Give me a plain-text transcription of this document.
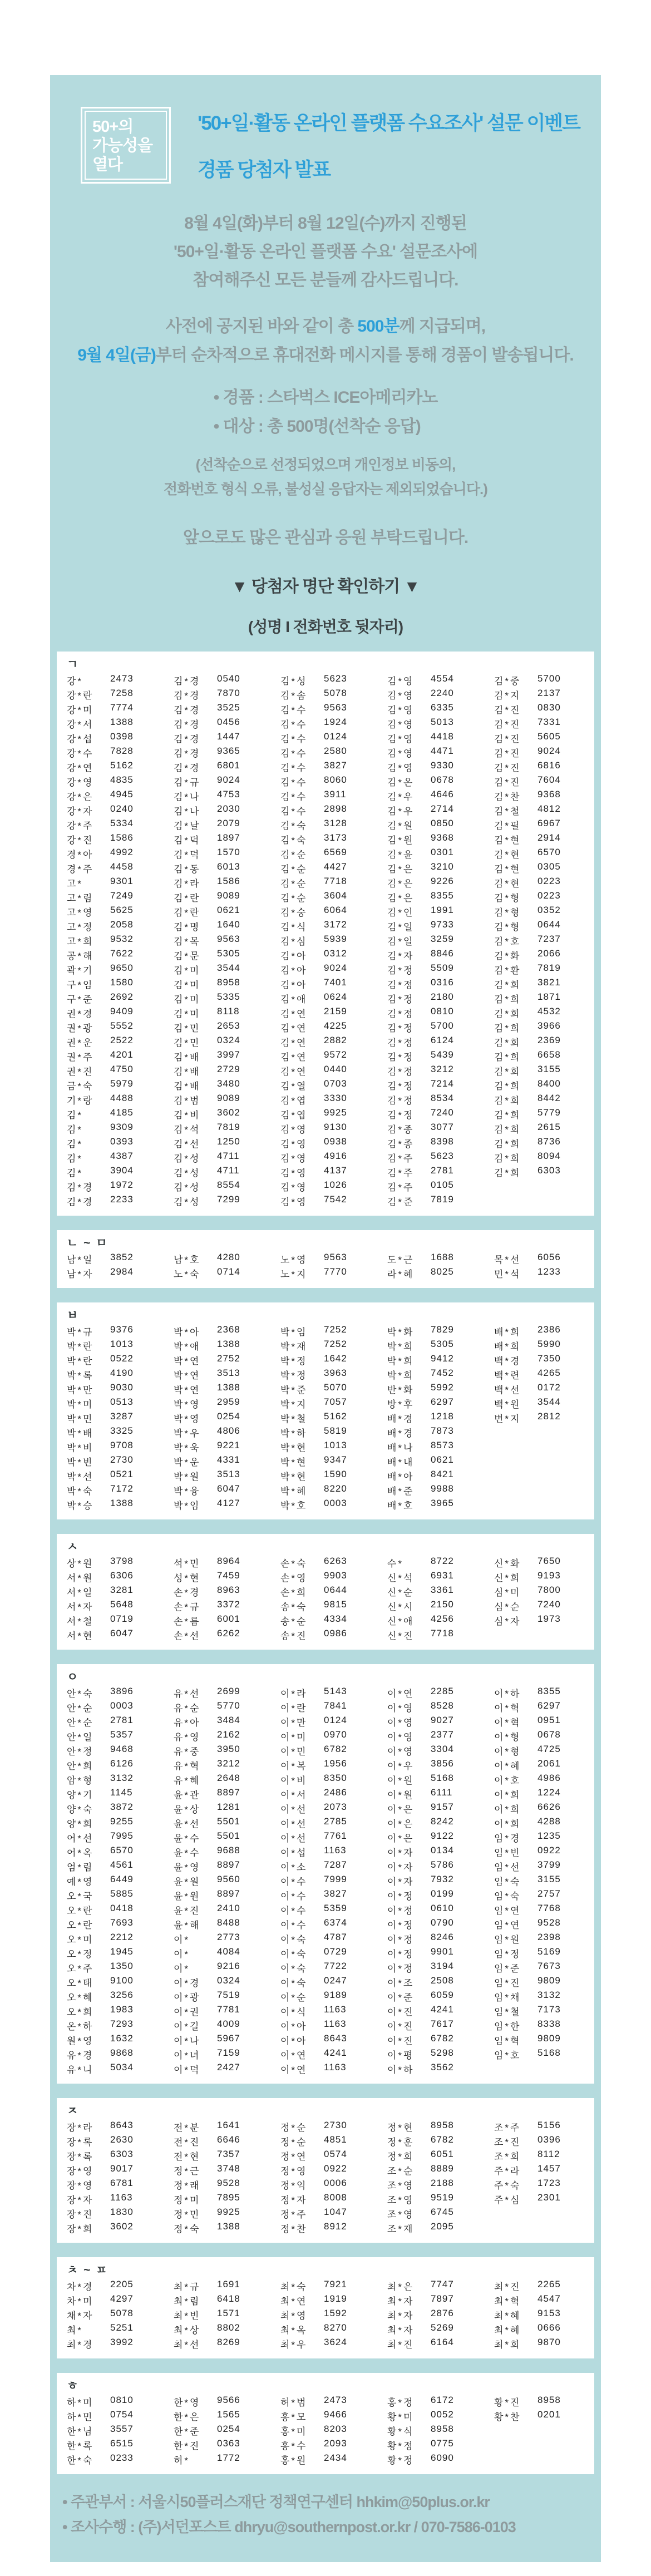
50+의
가능성을
열다
'50+일·활동 온라인 플랫폼 수요조사' 설문 이벤트
경품 당첨자 발표
8월 4일(화)부터 8월 12일(수)까지 진행된
'50+일·활동 온라인 플랫폼 수요' 설문조사에
참여해주신 모든 분들께 감사드립니다.
사전에 공지된 바와 같이 총 500분께 지급되며,
9월 4일(금)부터 순차적으로 휴대전화 메시지를 통해 경품이 발송됩니다.
• 경품 : 스타벅스 ICE아메리카노
• 대상 : 총 500명(선착순 응답)
(선착순으로 선정되었으며 개인정보 비동의,
전화번호 형식 오류, 불성실 응답자는 제외되었습니다.)
앞으로도 많은 관심과 응원 부탁드립니다.
▼ 당첨자 명단 확인하기 ▼
(성명 I 전화번호 뒷자리)
ㄱ
강*	2473	김*경	0540	김*성	5623	김*영	4554	김*중	5700
강*란	7258	김*경	7870	김*솜	5078	김*영	2240	김*지	2137
강*미	7774	김*경	3525	김*수	9563	김*영	6335	김*진	0830
강*서	1388	김*경	0456	김*수	1924	김*영	5013	김*진	7331
강*섭	0398	김*경	1447	김*수	0124	김*영	4418	김*진	5605
강*수	7828	김*경	9365	김*수	2580	김*영	4471	김*진	9024
강*연	5162	김*경	6801	김*수	3827	김*영	9330	김*진	6816
강*영	4835	김*규	9024	김*수	8060	김*온	0678	김*진	7604
강*은	4945	김*나	4753	김*수	3911	김*우	4646	김*찬	9368
강*자	0240	김*나	2030	김*수	2898	김*우	2714	김*철	4812
강*주	5334	김*날	2079	김*숙	3128	김*원	0850	김*필	6967
강*진	1586	김*덕	1897	김*숙	3173	김*원	9368	김*현	2914
경*아	4992	김*덕	1570	김*순	6569	김*윤	0301	김*현	6570
경*주	4458	김*동	6013	김*순	4427	김*은	3210	김*현	0305
고*	9301	김*라	1586	김*순	7718	김*은	9226	김*현	0223
고*림	7249	김*란	9089	김*순	3604	김*은	8355	김*형	0223
고*영	5625	김*란	0621	김*숭	6064	김*인	1991	김*형	0352
고*정	2058	김*명	1640	김*식	3172	김*일	9733	김*형	0644
고*희	9532	김*목	9563	김*심	5939	김*일	3259	김*호	7237
공*해	7622	김*문	5305	김*아	0312	김*자	8846	김*화	2066
곽*기	9650	김*미	3544	김*아	9024	김*정	5509	김*환	7819
구*임	1580	김*미	8958	김*아	7401	김*정	0316	김*희	3821
구*준	2692	김*미	5335	김*애	0624	김*정	2180	김*희	1871
권*경	9409	김*미	8118	김*연	2159	김*정	0810	김*희	4532
권*광	5552	김*민	2653	김*연	4225	김*정	5700	김*희	3966
권*운	2522	김*민	0324	김*연	2882	김*정	6124	김*희	2369
권*주	4201	김*배	3997	김*연	9572	김*정	5439	김*희	6658
권*진	4750	김*배	2729	김*연	0440	김*정	3212	김*희	3155
금*숙	5979	김*배	3480	김*열	0703	김*정	7214	김*희	8400
기*랑	4488	김*범	9089	김*엽	3330	김*정	8534	김*희	8442
김*	4185	김*비	3602	김*엽	9925	김*정	7240	김*희	5779
김*	9309	김*석	7819	김*영	9130	김*종	3077	김*희	2615
김*	0393	김*선	1250	김*영	0938	김*종	8398	김*희	8736
김*	4387	김*성	4711	김*영	4916	김*주	5623	김*희	8094
김*	3904	김*성	4711	김*영	4137	김*주	2781	김*희	6303
김*경	1972	김*성	8554	김*영	1026	김*주	0105
김*경	2233	김*성	7299	김*영	7542	김*준	7819
ㄴ ~ ㅁ
남*일	3852	남*호	4280	노*영	9563	도*근	1688	목*선	6056
남*자	2984	노*숙	0714	노*지	7770	라*혜	8025	민*석	1233
ㅂ
박*규	9376	박*아	2368	박*임	7252	박*화	7829	배*희	2386
박*란	1013	박*애	1388	박*재	7252	박*희	5305	배*희	5990
박*란	0522	박*연	2752	박*정	1642	박*희	9412	백*경	7350
박*록	4190	박*연	3513	박*정	3963	박*희	7452	백*련	4265
박*만	9030	박*연	1388	박*준	5070	반*화	5992	백*선	0172
박*미	0513	박*영	2959	박*지	7057	방*후	6297	백*원	3544
박*민	3287	박*영	0254	박*철	5162	배*경	1218	변*지	2812
박*배	3325	박*우	4806	박*하	5819	배*경	7873
박*비	9708	박*욱	9221	박*현	1013	배*나	8573
박*빈	2730	박*운	4331	박*현	9347	배*내	0621
박*선	0521	박*원	3513	박*현	1590	배*아	8421
박*숙	7172	박*융	6047	박*혜	8220	배*준	9988
박*승	1388	박*임	4127	박*호	0003	배*호	3965
ㅅ
상*원	3798	석*민	8964	손*숙	6263	수*	8722	신*화	7650
서*원	6306	성*현	7459	손*영	9903	신*석	6931	신*희	9193
서*일	3281	손*경	8963	손*희	0644	신*순	3361	심*미	7800
서*자	5648	손*규	3372	송*숙	9815	신*시	2150	심*순	7240
서*철	0719	손*름	6001	송*순	4334	신*애	4256	심*자	1973
서*현	6047	손*선	6262	송*진	0986	신*진	7718
ㅇ
안*숙	3896	유*선	2699	이*라	5143	이*연	2285	이*하	8355
안*순	0003	유*순	5770	이*란	7841	이*영	8528	이*혁	6297
안*순	2781	유*아	3484	이*만	0124	이*영	9027	이*혁	0951
안*일	5357	유*영	2162	이*미	0970	이*영	2377	이*형	0678
안*정	9468	유*중	3950	이*민	6782	이*영	3304	이*형	4725
안*희	6126	유*혁	3212	이*복	1956	이*우	3856	이*혜	2061
암*형	3132	유*혜	2648	이*비	8350	이*원	5168	이*호	4986
양*기	1145	윤*관	8897	이*서	2486	이*원	6111	이*희	1224
양*숙	3872	윤*상	1281	이*선	2073	이*은	9157	이*희	6626
양*희	9255	윤*선	5501	이*선	2785	이*은	8242	이*희	4288
어*선	7995	윤*수	5501	이*선	7761	이*은	9122	임*경	1235
어*옥	6570	윤*수	9688	이*섭	1163	이*자	0134	임*빈	0922
엄*림	4561	윤*영	8897	이*소	7287	이*자	5786	임*선	3799
예*영	6449	윤*원	9560	이*수	7999	이*자	7932	임*숙	3155
오*국	5885	윤*원	8897	이*수	3827	이*정	0199	임*숙	2757
오*란	0418	윤*진	2410	이*수	5359	이*정	0610	임*연	7768
오*란	7693	윤*해	8488	이*수	6374	이*정	0790	임*연	9528
오*미	2212	이*	2773	이*숙	4787	이*정	8246	임*원	2398
오*정	1945	이*	4084	이*숙	0729	이*정	9901	임*정	5169
오*주	1350	이*	9216	이*숙	7722	이*정	3194	임*준	7673
오*태	9100	이*경	0324	이*숙	0247	이*조	2508	임*진	9809
오*혜	3256	이*광	7519	이*순	9189	이*준	6059	임*채	3132
오*희	1983	이*권	7781	이*식	1163	이*진	4241	임*철	7173
온*하	7293	이*길	4009	이*아	1163	이*진	7617	임*한	8338
원*영	1632	이*나	5967	이*아	8643	이*진	6782	임*혁	9809
유*경	9868	이*녀	7159	이*연	4241	이*평	5298	임*호	5168
유*니	5034	이*덕	2427	이*연	1163	이*하	3562
ㅈ
장*라	8643	전*분	1641	정*순	2730	정*현	8958	조*주	5156
장*록	2630	전*진	6646	정*순	4851	정*훈	6782	조*진	0396
장*록	6303	전*현	7357	정*연	0574	정*희	6051	조*희	8112
장*영	9017	정*근	3748	정*영	0922	조*순	8889	주*라	1457
장*영	6781	정*래	9528	정*익	0006	조*영	2188	주*숙	1723
장*자	1163	정*미	7895	정*자	8008	조*영	9519	주*심	2301
장*진	1830	정*민	9925	정*주	1047	조*영	6745
장*희	3602	정*숙	1388	정*찬	8912	조*재	2095
ㅊ ~ ㅍ
차*경	2205	최*규	1691	최*숙	7921	최*은	7747	최*진	2265
차*미	4297	최*림	6418	최*연	1919	최*자	7897	최*혁	4547
채*자	5078	최*빈	1571	최*영	1592	최*자	2876	최*혜	9153
최*	5251	최*상	8802	최*옥	8270	최*자	5269	최*혜	0666
최*경	3992	최*선	8269	최*우	3624	최*진	6164	최*희	9870
ㅎ
하*미	0810	한*영	9566	허*범	2473	홍*정	6172	황*진	8958
하*민	0754	한*은	1565	홍*모	9466	황*미	0052	황*찬	0201
한*님	3557	한*준	0254	홍*미	8203	황*식	8958
한*록	6515	한*진	0363	홍*수	2093	황*정	0775
한*숙	0233	허*	1772	홍*원	2434	황*정	6090
• 주관부서 : 서울시50플러스재단 정책연구센터 hhkim@50plus.or.kr
• 조사수행 : (주)서던포스트 dhryu@southernpost.or.kr / 070-7586-0103
